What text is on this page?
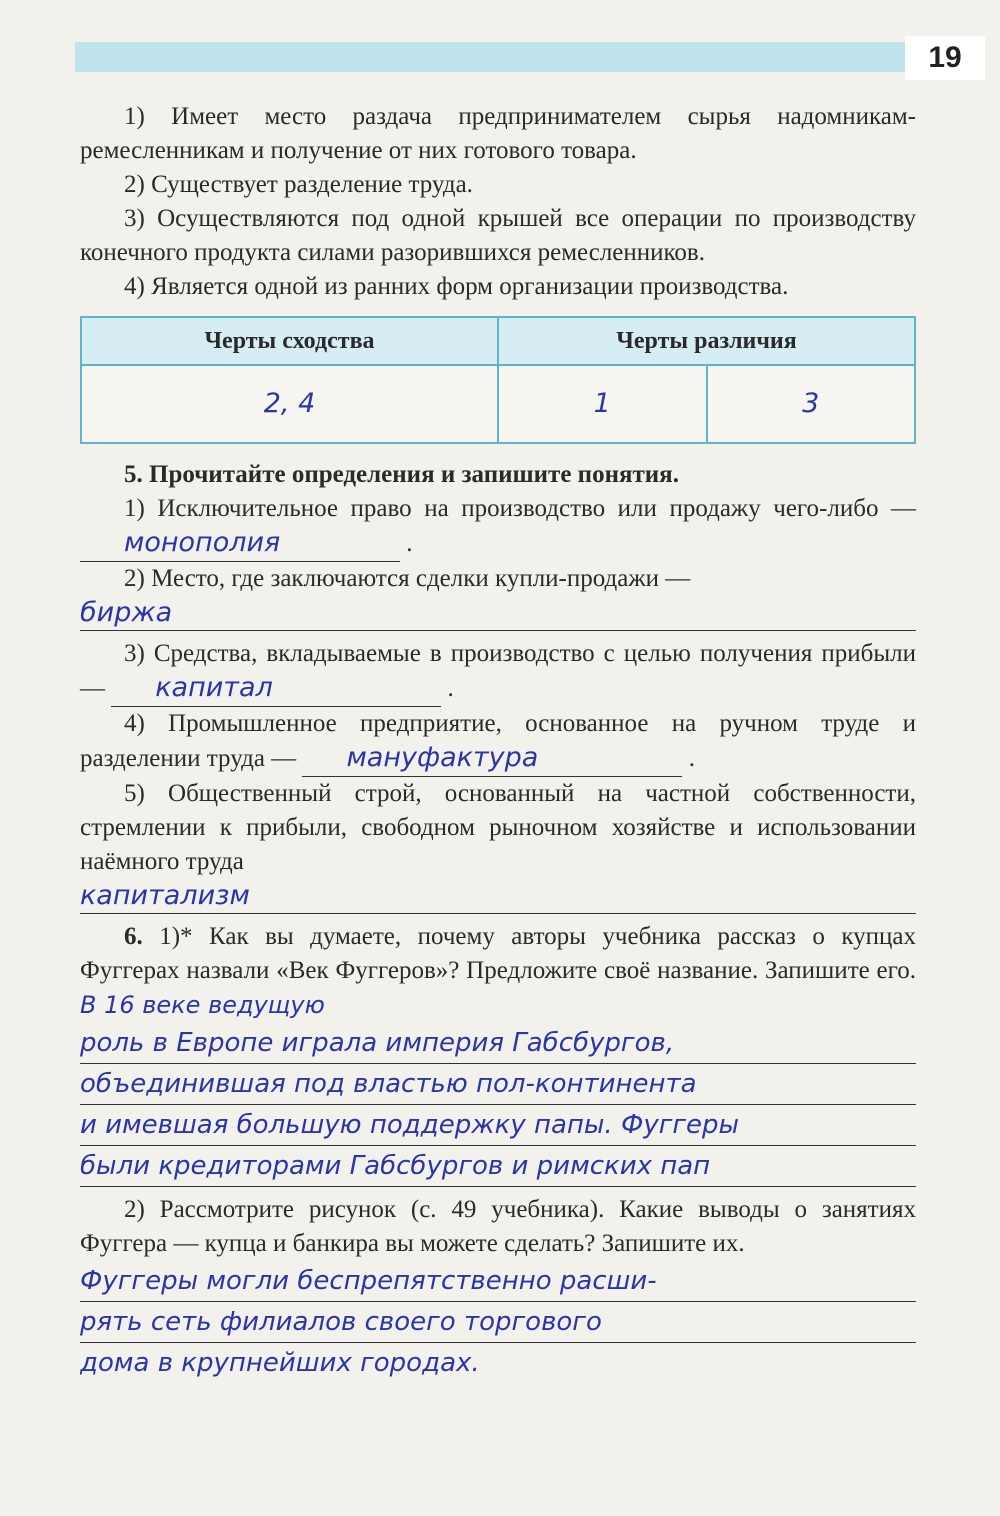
19

1) Имеет место раздача предпринимателем сырья надомникам-ремесленникам и получение от них готового товара.

2) Существует разделение труда.

3) Осуществляются под одной крышей все операции по производству конечного продукта силами разорившихся ремесленников.

4) Является одной из ранних форм организации производства.

Черты сходства	Черты различия	
2, 4	1	3

5. Прочитайте определения и запишите понятия.

1) Исключительное право на производство или продажу чего-либо — монополия	.

2) Место, где заключаются сделки купли-продажи —

биржа

3) Средства, вкладываемые в производство с целью получения прибыли — капитал	.

4) Промышленное предприятие, основанное на ручном труде и разделении труда — мануфактура	.

5) Общественный строй, основанный на частной собственности, стремлении к прибыли, свободном рыночном хозяйстве и использовании наёмного труда

капитализм

6. 1)* Как вы думаете, почему авторы учебника рассказ о купцах Фуггерах назвали «Век Фуггеров»? Предложите своё название. Запишите его. В 16 веке ведущую

роль в Европе играла империя Габсбургов,
объединившая под властью пол-континента
и имевшая большую поддержку папы. Фуггеры
были кредиторами Габсбургов и римских пап

2) Рассмотрите рисунок (с. 49 учебника). Какие выводы о занятиях Фуггера — купца и банкира вы можете сделать? Запишите их.

Фуггеры могли беспрепятственно расши-
рять сеть филиалов своего торгового
дома в крупнейших городах.
